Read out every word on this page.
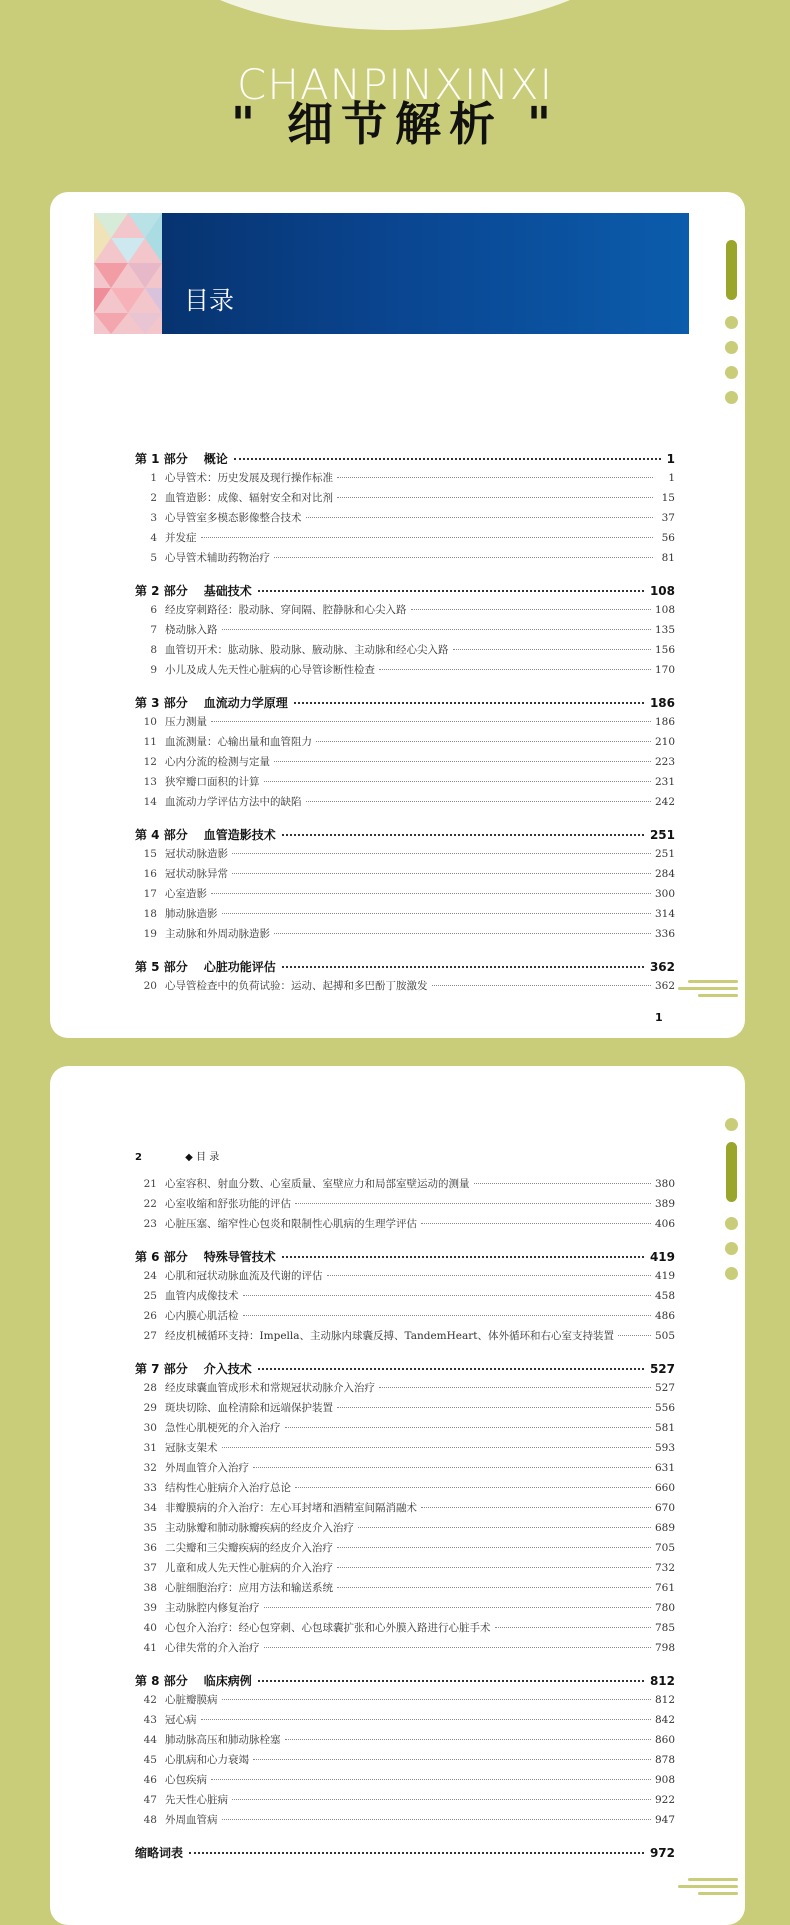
CHANPINXINXI
" 细节解析 "
目录
第 1 部分 概论	1
1 心导管术：历史发展及现行操作标准	1
2 血管造影：成像、辐射安全和对比剂	15
3 心导管室多模态影像整合技术	37
4 并发症	56
5 心导管术辅助药物治疗	81
第 2 部分 基础技术	108
6 经皮穿刺路径：股动脉、穿间隔、腔静脉和心尖入路	108
7 桡动脉入路	135
8 血管切开术：肱动脉、股动脉、腋动脉、主动脉和经心尖入路	156
9 小儿及成人先天性心脏病的心导管诊断性检查	170
第 3 部分 血流动力学原理	186
10 压力测量	186
11 血流测量：心输出量和血管阻力	210
12 心内分流的检测与定量	223
13 狭窄瓣口面积的计算	231
14 血流动力学评估方法中的缺陷	242
第 4 部分 血管造影技术	251
15 冠状动脉造影	251
16 冠状动脉异常	284
17 心室造影	300
18 肺动脉造影	314
19 主动脉和外周动脉造影	336
第 5 部分 心脏功能评估	362
20 心导管检查中的负荷试验：运动、起搏和多巴酚丁胺激发	362
1
2	◆ 目 录
21 心室容积、射血分数、心室质量、室壁应力和局部室壁运动的测量	380
22 心室收缩和舒张功能的评估	389
23 心脏压塞、缩窄性心包炎和限制性心肌病的生理学评估	406
第 6 部分 特殊导管技术	419
24 心肌和冠状动脉血流及代谢的评估	419
25 血管内成像技术	458
26 心内膜心肌活检	486
27 经皮机械循环支持：Impella、主动脉内球囊反搏、TandemHeart、体外循环和右心室支持装置	505
第 7 部分 介入技术	527
28 经皮球囊血管成形术和常规冠状动脉介入治疗	527
29 斑块切除、血栓清除和远端保护装置	556
30 急性心肌梗死的介入治疗	581
31 冠脉支架术	593
32 外周血管介入治疗	631
33 结构性心脏病介入治疗总论	660
34 非瓣膜病的介入治疗：左心耳封堵和酒精室间隔消融术	670
35 主动脉瓣和肺动脉瓣疾病的经皮介入治疗	689
36 二尖瓣和三尖瓣疾病的经皮介入治疗	705
37 儿童和成人先天性心脏病的介入治疗	732
38 心脏细胞治疗：应用方法和输送系统	761
39 主动脉腔内修复治疗	780
40 心包介入治疗：经心包穿刺、心包球囊扩张和心外膜入路进行心脏手术	785
41 心律失常的介入治疗	798
第 8 部分 临床病例	812
42 心脏瓣膜病	812
43 冠心病	842
44 肺动脉高压和肺动脉栓塞	860
45 心肌病和心力衰竭	878
46 心包疾病	908
47 先天性心脏病	922
48 外周血管病	947
缩略词表	972
